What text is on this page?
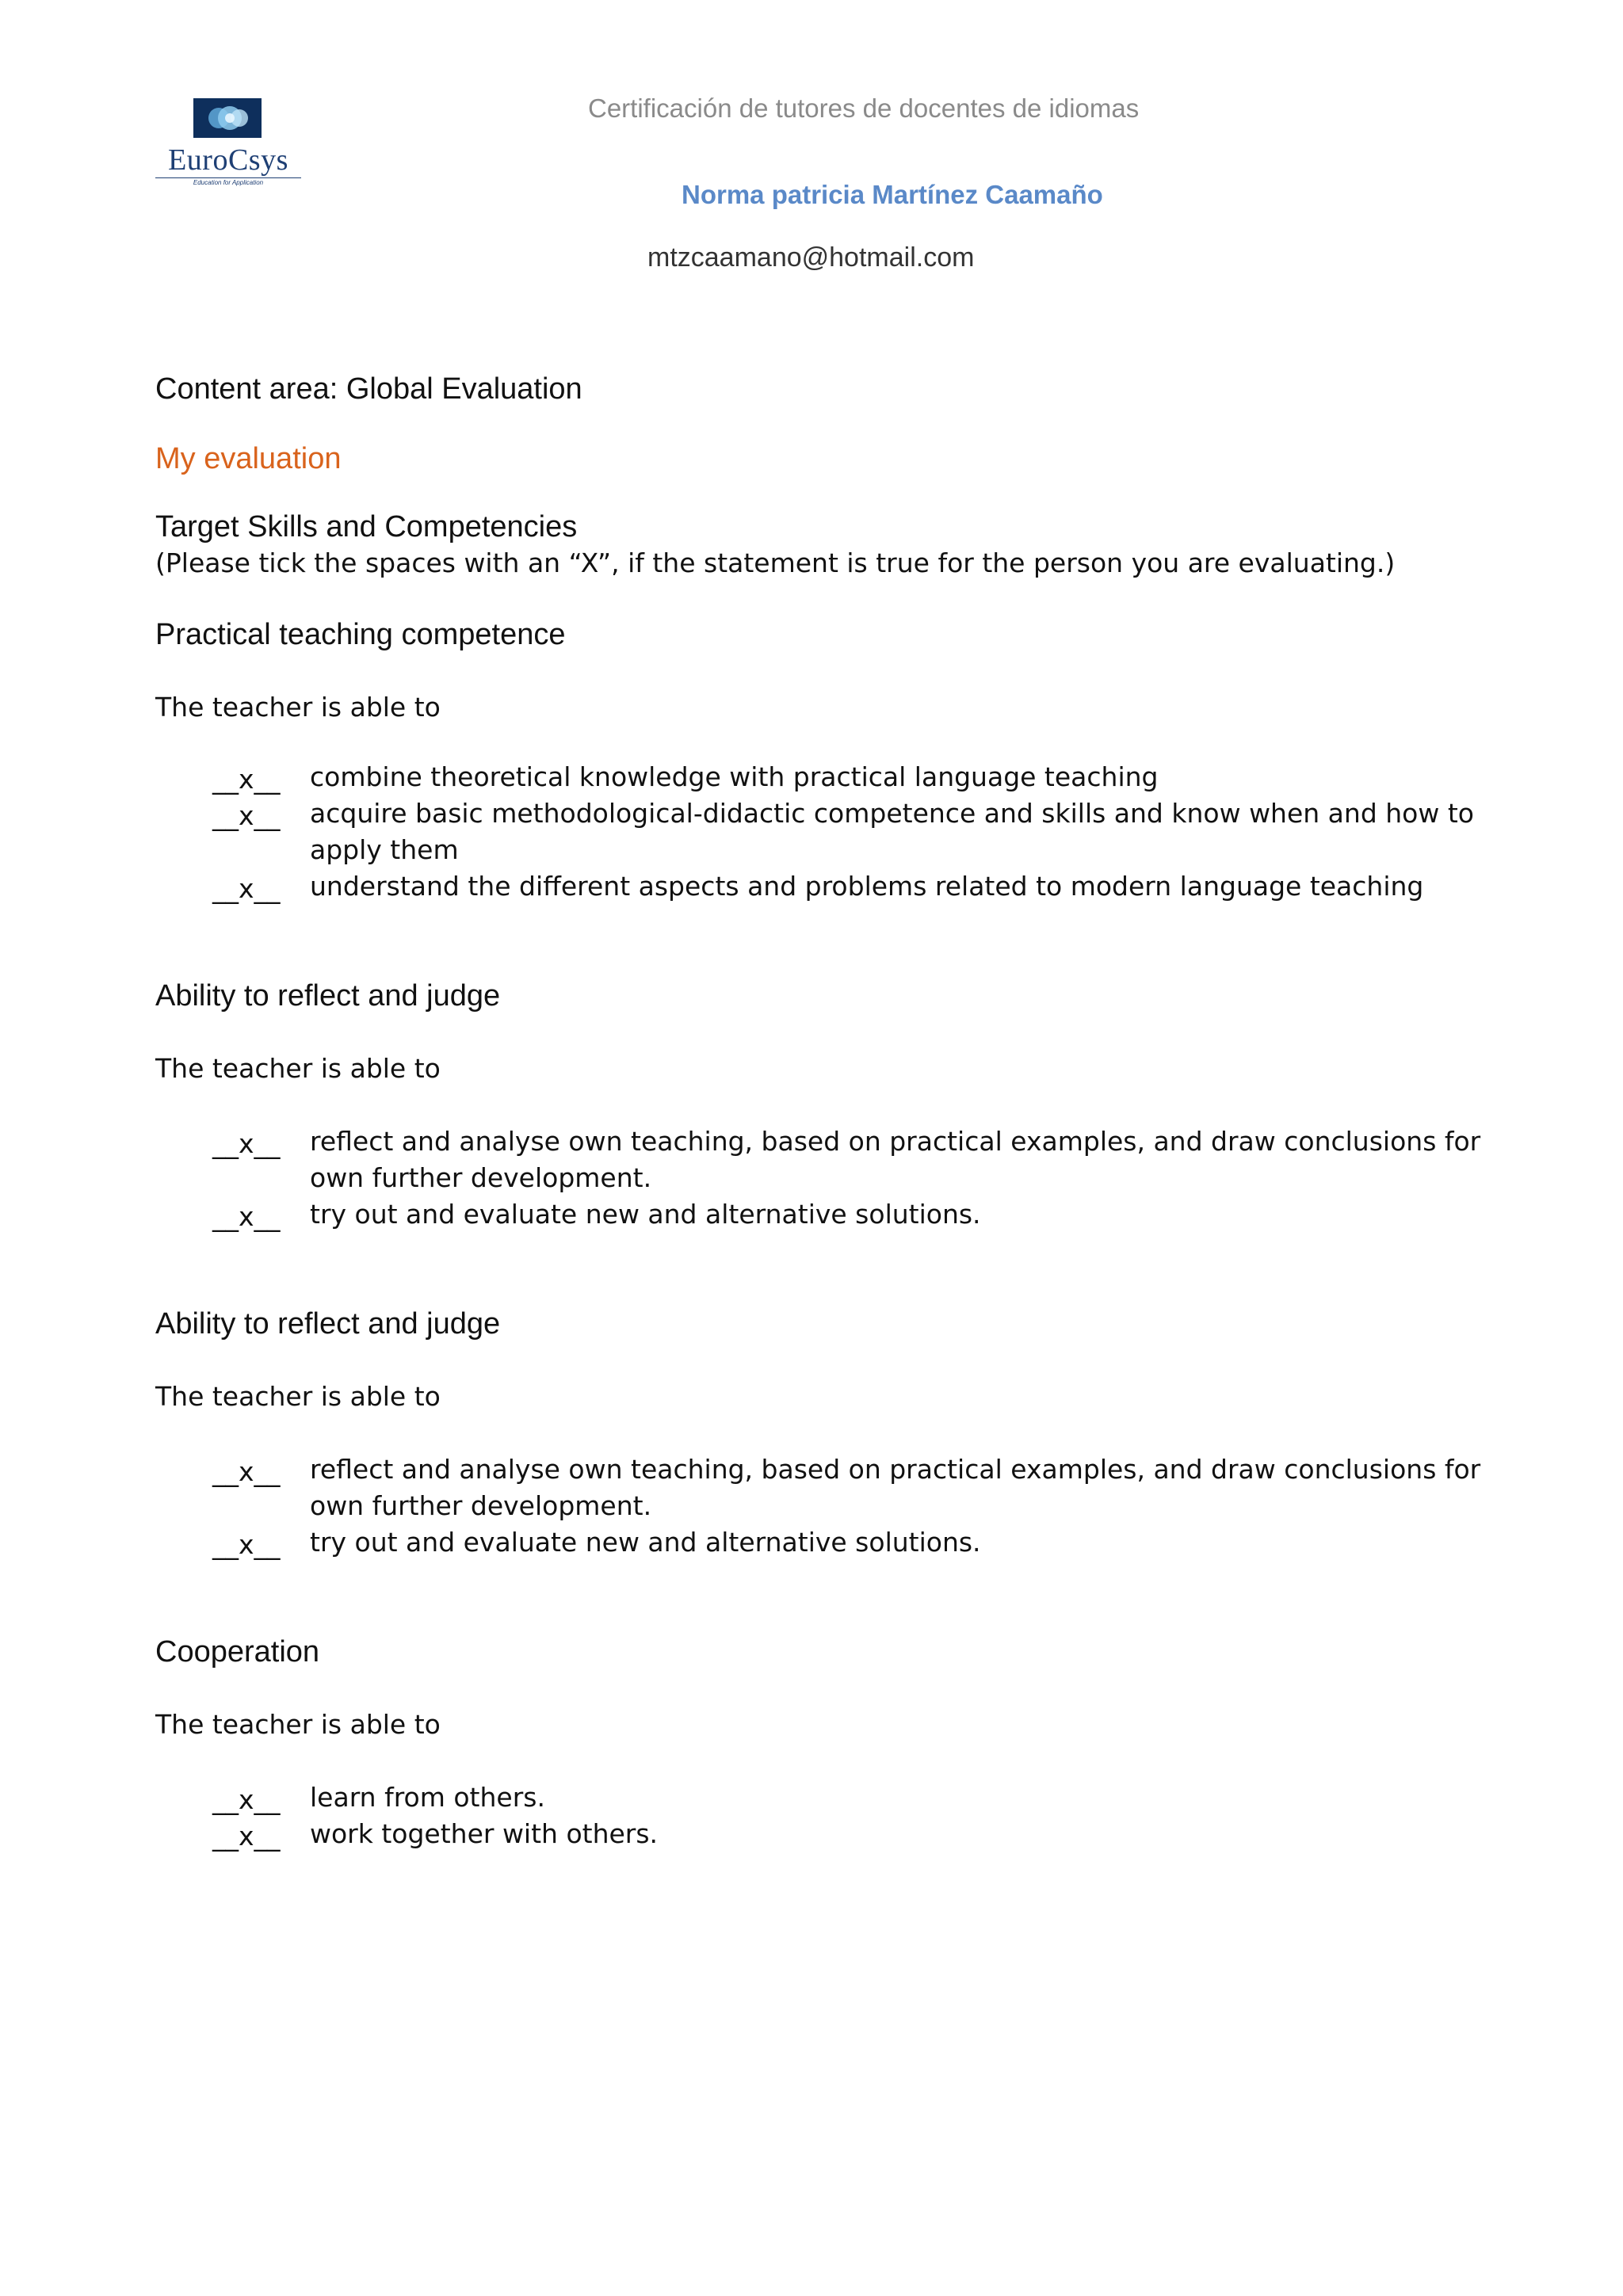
EuroCsys
Education for Application
Certificación de tutores de docentes de idiomas
Norma patricia Martínez Caamaño
mtzcaamano@hotmail.com
Content area: Global Evaluation
My evaluation
Target Skills and Competencies
(Please tick the spaces with an “X”, if the statement is true for the person you are evaluating.)
Practical teaching competence
The teacher is able to
__x__ combine theoretical knowledge with practical language teaching
__x__ acquire basic methodological-didactic competence and skills and know when and how to apply them
__x__ understand the different aspects and problems related to modern language teaching
Ability to reflect and judge
The teacher is able to
__x__ reflect and analyse own teaching, based on practical examples, and draw conclusions for own further development.
__x__ try out and evaluate new and alternative solutions.
Ability to reflect and judge
The teacher is able to
__x__ reflect and analyse own teaching, based on practical examples, and draw conclusions for own further development.
__x__ try out and evaluate new and alternative solutions.
Cooperation
The teacher is able to
__x__ learn from others.
__x__ work together with others.
